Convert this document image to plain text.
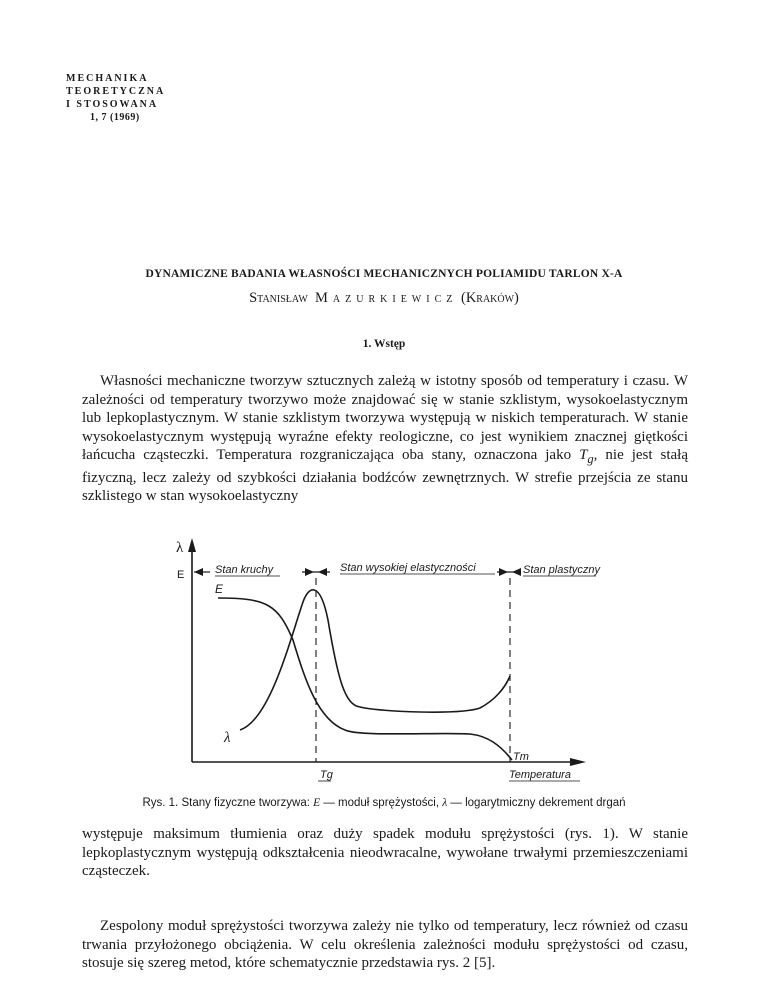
MECHANIKA
TEORETYCZNA
I STOSOWANA
1, 7 (1969)
DYNAMICZNE BADANIA WŁASNOŚCI MECHANICZNYCH POLIAMIDU TARLON X-A
Stanisław Mazurkiewicz (Kraków)
1. Wstęp

Własności mechaniczne tworzyw sztucznych zależą w istotny sposób od temperatury i czasu. W zależności od temperatury tworzywo może znajdować się w stanie szklistym, wysokoelastycznym lub lepkoplastycznym. W stanie szklistym tworzywa występują w niskich temperaturach. W stanie wysokoelastycznym występują wyraźne efekty reologiczne, co jest wynikiem znacznej giętkości łańcucha cząsteczki. Temperatura rozgraniczająca oba stany, oznaczona jako $T_g$, nie jest stałą fizyczną, lecz zależy od szybkości działania bodźców zewnętrznych. W strefie przejścia ze stanu szklistego w stan wysokoelastyczny

λ
E	Stan kruchy	Stan wysokiej elastyczności	Stan plastyczny
E
λ
Tg
Tm
Temperatura
Rys. 1. Stany fizyczne tworzywa: E — moduł sprężystości, λ — logarytmiczny dekrement drgań

występuje maksimum tłumienia oraz duży spadek modułu sprężystości (rys. 1). W stanie lepkoplastycznym występują odkształcenia nieodwracalne, wywołane trwałymi przemieszczeniami cząsteczek.

Zespolony moduł sprężystości tworzywa zależy nie tylko od temperatury, lecz również od czasu trwania przyłożonego obciążenia. W celu określenia zależności modułu sprężystości od czasu, stosuje się szereg metod, które schematycznie przedstawia rys. 2 [5].
